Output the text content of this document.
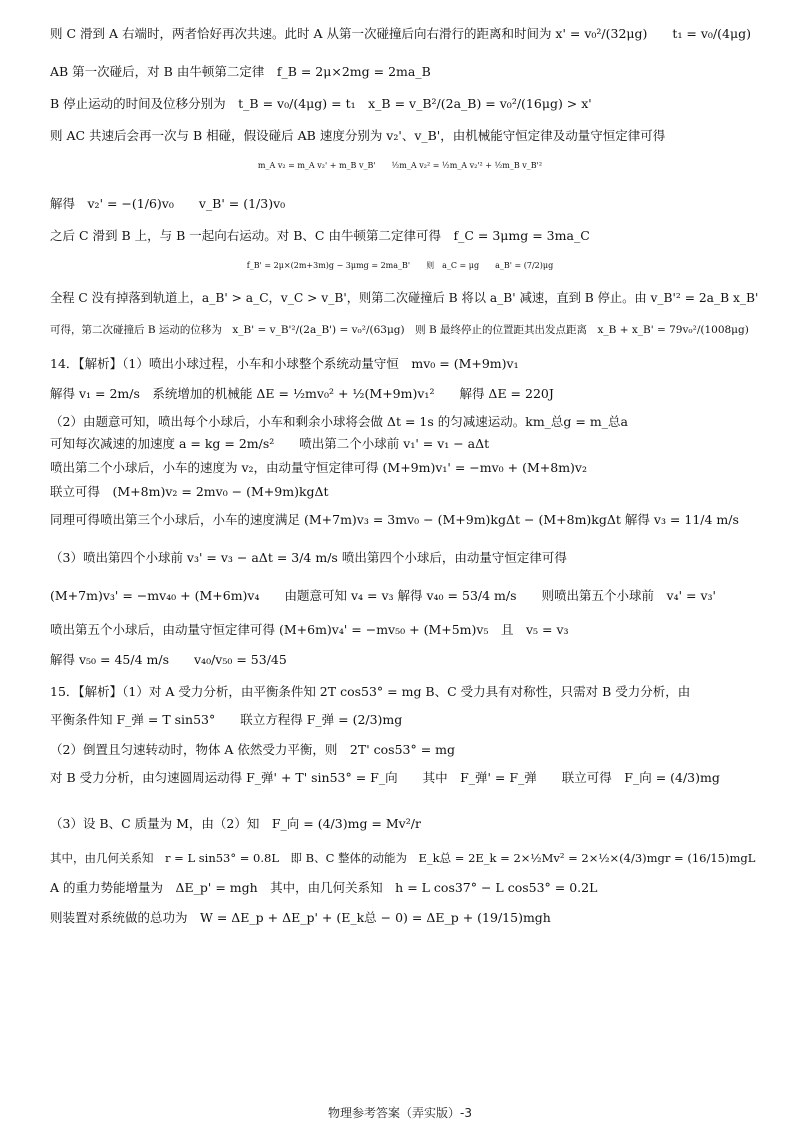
则 C 滑到 A 右端时，两者恰好再次共速。此时 A 从第一次碰撞后向右滑行的距离和时间为 x' = v₀²/(32μg)　　t₁ = v₀/(4μg)
AB 第一次碰后，对 B 由牛顿第二定律　f_B = 2μ×2mg = 2ma_B
B 停止运动的时间及位移分别为　t_B = v₀/(4μg) = t₁　x_B = v_B²/(2a_B) = v₀²/(16μg) > x'
则 AC 共速后会再一次与 B 相碰，假设碰后 AB 速度分别为 v₂'、v_B'，由机械能守恒定律及动量守恒定律可得
m_A v₂ = m_A v₂' + m_B v_B'　　½m_A v₂² = ½m_A v₂'² + ½m_B v_B'²
解得　v₂' = −(1/6)v₀　　v_B' = (1/3)v₀
之后 C 滑到 B 上，与 B 一起向右运动。对 B、C 由牛顿第二定律可得　f_C = 3μmg = 3ma_C
f_B' = 2μ×(2m+3m)g − 3μmg = 2ma_B'　　则　a_C = μg　　a_B' = (7/2)μg
全程 C 没有掉落到轨道上，a_B' > a_C，v_C > v_B'，则第二次碰撞后 B 将以 a_B' 减速，直到 B 停止。由 v_B'² = 2a_B x_B'
可得，第二次碰撞后 B 运动的位移为　x_B' = v_B'²/(2a_B') = v₀²/(63μg)　则 B 最终停止的位置距其出发点距离　x_B + x_B' = 79v₀²/(1008μg)
14．【解析】（1）喷出小球过程，小车和小球整个系统动量守恒　mv₀ = (M+9m)v₁
解得 v₁ = 2m/s　系统增加的机械能 ΔE = ½mv₀² + ½(M+9m)v₁²　　解得 ΔE = 220J
（2）由题意可知，喷出每个小球后，小车和剩余小球将会做 Δt = 1s 的匀减速运动。km_总g = m_总a
可知每次减速的加速度 a = kg = 2m/s²　　喷出第二个小球前 v₁' = v₁ − aΔt
喷出第二个小球后，小车的速度为 v₂，由动量守恒定律可得 (M+9m)v₁' = −mv₀ + (M+8m)v₂
联立可得　(M+8m)v₂ = 2mv₀ − (M+9m)kgΔt
同理可得喷出第三个小球后，小车的速度满足 (M+7m)v₃ = 3mv₀ − (M+9m)kgΔt − (M+8m)kgΔt 解得 v₃ = 11/4 m/s
（3）喷出第四个小球前 v₃' = v₃ − aΔt = 3/4 m/s 喷出第四个小球后，由动量守恒定律可得
(M+7m)v₃' = −mv₄₀ + (M+6m)v₄　　由题意可知 v₄ = v₃ 解得 v₄₀ = 53/4 m/s　　则喷出第五个小球前　v₄' = v₃'
喷出第五个小球后，由动量守恒定律可得 (M+6m)v₄' = −mv₅₀ + (M+5m)v₅　且　v₅ = v₃
解得 v₅₀ = 45/4 m/s　　v₄₀/v₅₀ = 53/45
15．【解析】（1）对 A 受力分析，由平衡条件知 2T cos53° = mg B、C 受力具有对称性，只需对 B 受力分析，由
平衡条件知 F_弹 = T sin53°　　联立方程得 F_弹 = (2/3)mg
（2）倒置且匀速转动时，物体 A 依然受力平衡，则　2T' cos53° = mg
对 B 受力分析，由匀速圆周运动得 F_弹' + T' sin53° = F_向　　其中　F_弹' = F_弹　　联立可得　F_向 = (4/3)mg
（3）设 B、C 质量为 M，由（2）知　F_向 = (4/3)mg = Mv²/r
其中，由几何关系知　r = L sin53° = 0.8L　即 B、C 整体的动能为　E_k总 = 2E_k = 2×½Mv² = 2×½×(4/3)mgr = (16/15)mgL
A 的重力势能增量为　ΔE_p' = mgh　其中，由几何关系知　h = L cos37° − L cos53° = 0.2L
则装置对系统做的总功为　W = ΔE_p + ΔE_p' + (E_k总 − 0) = ΔE_p + (19/15)mgh
物理参考答案（弄实版）-3
